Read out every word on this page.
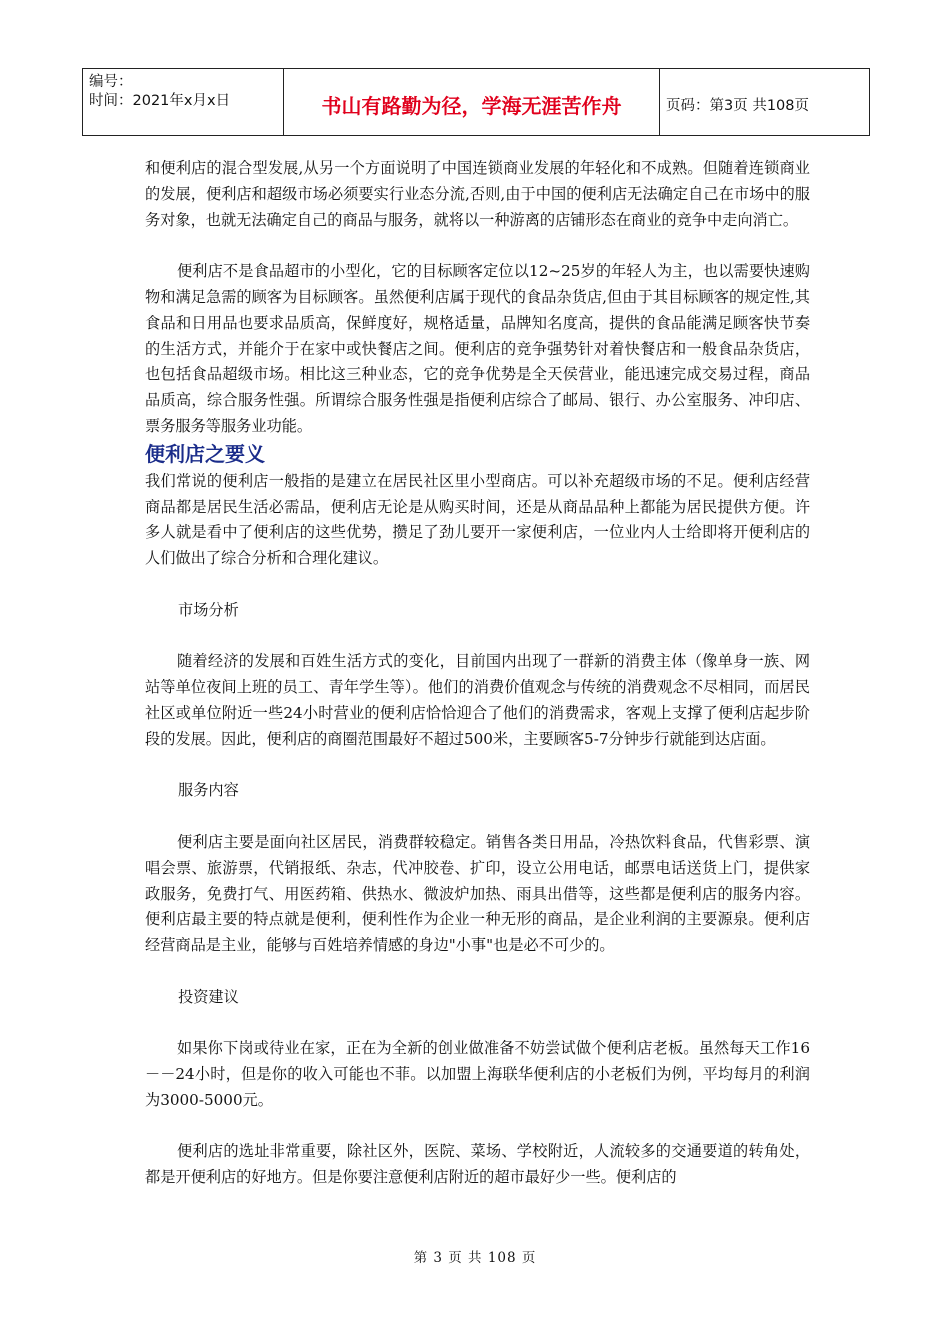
编号：
时间：2021年x月x日	书山有路勤为径，学海无涯苦作舟	页码：第3页 共108页

和便利店的混合型发展,从另一个方面说明了中国连锁商业发展的年轻化和不成熟。但随着连锁商业的发展，便利店和超级市场必须要实行业态分流,否则,由于中国的便利店无法确定自己在市场中的服务对象，也就无法确定自己的商品与服务，就将以一种游离的店铺形态在商业的竞争中走向消亡。

便利店不是食品超市的小型化，它的目标顾客定位以12~25岁的年轻人为主，也以需要快速购物和满足急需的顾客为目标顾客。虽然便利店属于现代的食品杂货店,但由于其目标顾客的规定性,其食品和日用品也要求品质高，保鲜度好，规格适量，品牌知名度高，提供的食品能满足顾客快节奏的生活方式，并能介于在家中或快餐店之间。便利店的竞争强势针对着快餐店和一般食品杂货店，也包括食品超级市场。相比这三种业态，它的竞争优势是全天侯营业，能迅速完成交易过程，商品品质高，综合服务性强。所谓综合服务性强是指便利店综合了邮局、银行、办公室服务、冲印店、票务服务等服务业功能。

便利店之要义

我们常说的便利店一般指的是建立在居民社区里小型商店。可以补充超级市场的不足。便利店经营商品都是居民生活必需品，便利店无论是从购买时间，还是从商品品种上都能为居民提供方便。许多人就是看中了便利店的这些优势，攒足了劲儿要开一家便利店，一位业内人士给即将开便利店的人们做出了综合分析和合理化建议。

市场分析

随着经济的发展和百姓生活方式的变化，目前国内出现了一群新的消费主体（像单身一族、网站等单位夜间上班的员工、青年学生等）。他们的消费价值观念与传统的消费观念不尽相同，而居民社区或单位附近一些24小时营业的便利店恰恰迎合了他们的消费需求，客观上支撑了便利店起步阶段的发展。因此，便利店的商圈范围最好不超过500米，主要顾客5-7分钟步行就能到达店面。

服务内容

便利店主要是面向社区居民，消费群较稳定。销售各类日用品，冷热饮料食品，代售彩票、演唱会票、旅游票，代销报纸、杂志，代冲胶卷、扩印，设立公用电话，邮票电话送货上门，提供家政服务，免费打气、用医药箱、供热水、微波炉加热、雨具出借等，这些都是便利店的服务内容。便利店最主要的特点就是便利，便利性作为企业一种无形的商品，是企业利润的主要源泉。便利店经营商品是主业，能够与百姓培养情感的身边"小事"也是必不可少的。

投资建议

如果你下岗或待业在家，正在为全新的创业做准备不妨尝试做个便利店老板。虽然每天工作16－－24小时，但是你的收入可能也不菲。以加盟上海联华便利店的小老板们为例，平均每月的利润为3000-5000元。

便利店的选址非常重要，除社区外，医院、菜场、学校附近，人流较多的交通要道的转角处，都是开便利店的好地方。但是你要注意便利店附近的超市最好少一些。便利店的

第 3 页 共 108 页
